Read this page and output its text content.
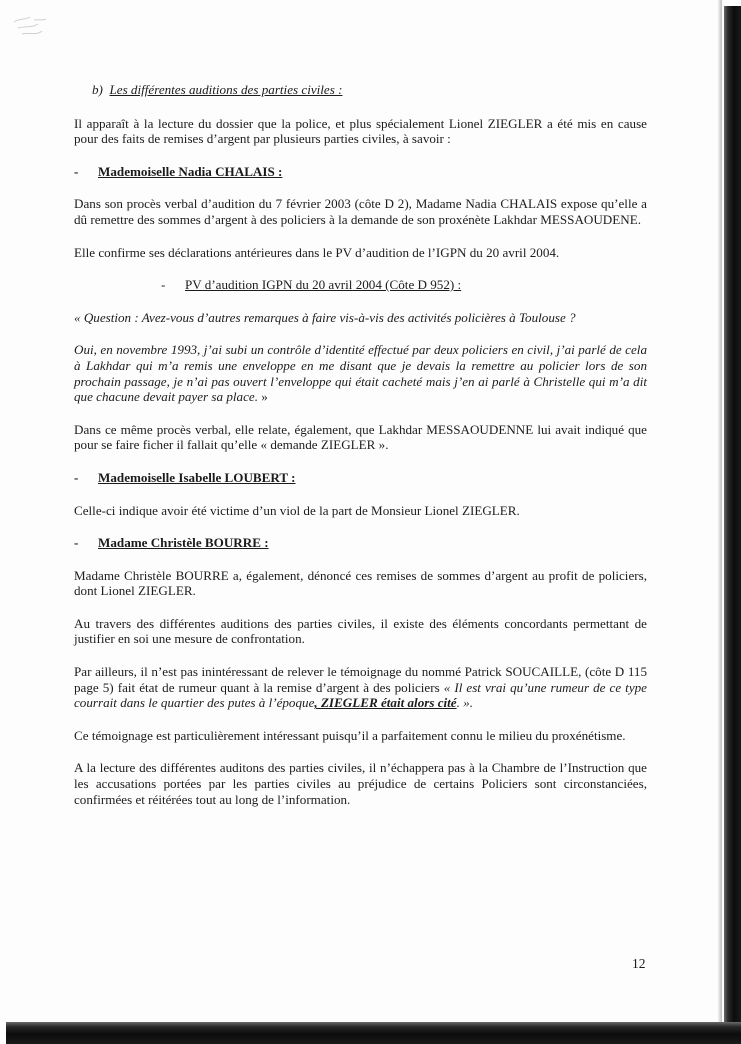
b) Les différentes auditions des parties civiles :

Il apparaît à la lecture du dossier que la police, et plus spécialement Lionel ZIEGLER a été mis en cause pour des faits de remises d’argent par plusieurs parties civiles, à savoir :

-	Mademoiselle Nadia CHALAIS :

Dans son procès verbal d’audition du 7 février 2003 (côte D 2), Madame Nadia CHALAIS expose qu’elle a dû remettre des sommes d’argent à des policiers à la demande de son proxénète Lakhdar MESSAOUDENE.

Elle confirme ses déclarations antérieures dans le PV d’audition de l’IGPN du 20 avril 2004.

-	PV d’audition IGPN du 20 avril 2004 (Côte D 952) :

« Question : Avez-vous d’autres remarques à faire vis-à-vis des activités policières à Toulouse ?

Oui, en novembre 1993, j’ai subi un contrôle d’identité effectué par deux policiers en civil, j’ai parlé de cela à Lakhdar qui m’a remis une enveloppe en me disant que je devais la remettre au policier lors de son prochain passage, je n’ai pas ouvert l’enveloppe qui était cacheté mais j’en ai parlé à Christelle qui m’a dit que chacune devait payer sa place. »

Dans ce même procès verbal, elle relate, également, que Lakhdar MESSAOUDENNE lui avait indiqué que pour se faire ficher il fallait qu’elle « demande ZIEGLER ».

-	Mademoiselle Isabelle LOUBERT :

Celle-ci indique avoir été victime d’un viol de la part de Monsieur Lionel ZIEGLER.

-	Madame Christèle BOURRE :

Madame Christèle BOURRE a, également, dénoncé ces remises de sommes d’argent au profit de policiers, dont Lionel ZIEGLER.

Au travers des différentes auditions des parties civiles, il existe des éléments concordants permettant de justifier en soi une mesure de confrontation.

Par ailleurs, il n’est pas inintéressant de relever le témoignage du nommé Patrick SOUCAILLE, (côte D 115 page 5) fait état de rumeur quant à la remise d’argent à des policiers « Il est vrai qu’une rumeur de ce type courrait dans le quartier des putes à l’époque, ZIEGLER était alors cité. ».

Ce témoignage est particulièrement intéressant puisqu’il a parfaitement connu le milieu du proxénétisme.

A la lecture des différentes auditons des parties civiles, il n’échappera pas à la Chambre de l’Instruction que les accusations portées par les parties civiles au préjudice de certains Policiers sont circonstanciées, confirmées et réitérées tout au long de l’information.

12
